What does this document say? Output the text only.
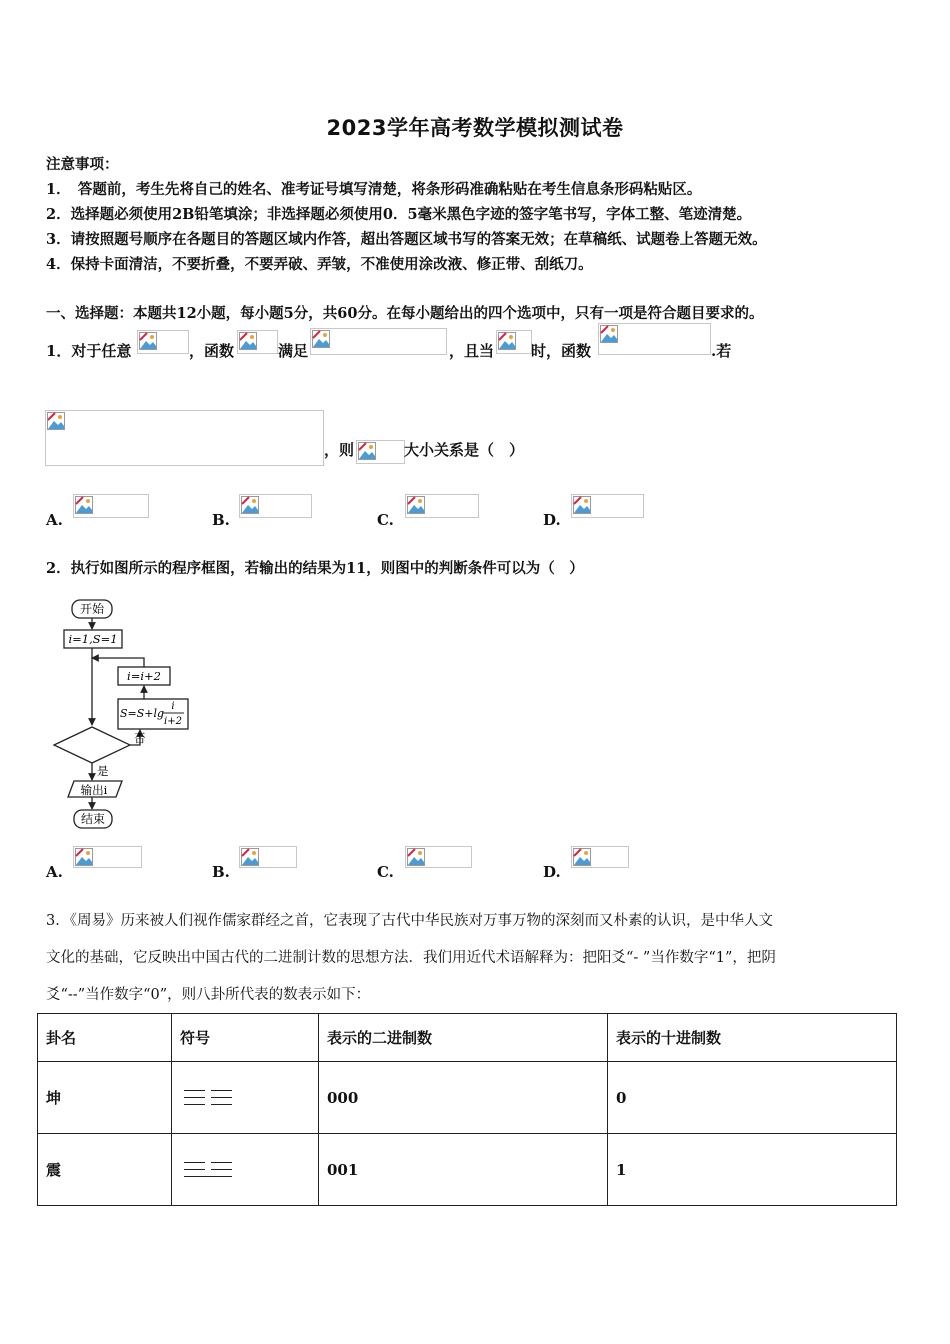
2023学年高考数学模拟测试卷
注意事项：
1．　答题前，考生先将自己的姓名、准考证号填写清楚，将条形码准确粘贴在考生信息条形码粘贴区。
2．选择题必须使用2B铅笔填涂；非选择题必须使用0．5毫米黑色字迹的签字笔书写，字体工整、笔迹清楚。
3．请按照题号顺序在各题目的答题区域内作答，超出答题区域书写的答案无效；在草稿纸、试题卷上答题无效。
4．保持卡面清洁，不要折叠，不要弄破、弄皱，不准使用涂改液、修正带、刮纸刀。
一、选择题：本题共12小题，每小题5分，共60分。在每小题给出的四个选项中，只有一项是符合题目要求的。
1．对于任意	，函数	满足	，且当 时，函数	.若
，则	大小关系是（　）
A.	B.	C.	D.
2．执行如图所示的程序框图，若输出的结果为11，则图中的判断条件可以为（　）
开始
i=1,S=1
i=i+2
S=S+lg
i
i+2
否
是
输出i
结束
A.	B.	C.	D.
3．《周易》历来被人们视作儒家群经之首，它表现了古代中华民族对万事万物的深刻而又朴素的认识，是中华人文
文化的基础，它反映出中国古代的二进制计数的思想方法．我们用近代术语解释为：把阳爻“- ”当作数字“1”，把阴
爻“--”当作数字“0”，则八卦所代表的数表示如下：
卦名	符号	表示的二进制数	表示的十进制数
坤		000	0
震		001	1
